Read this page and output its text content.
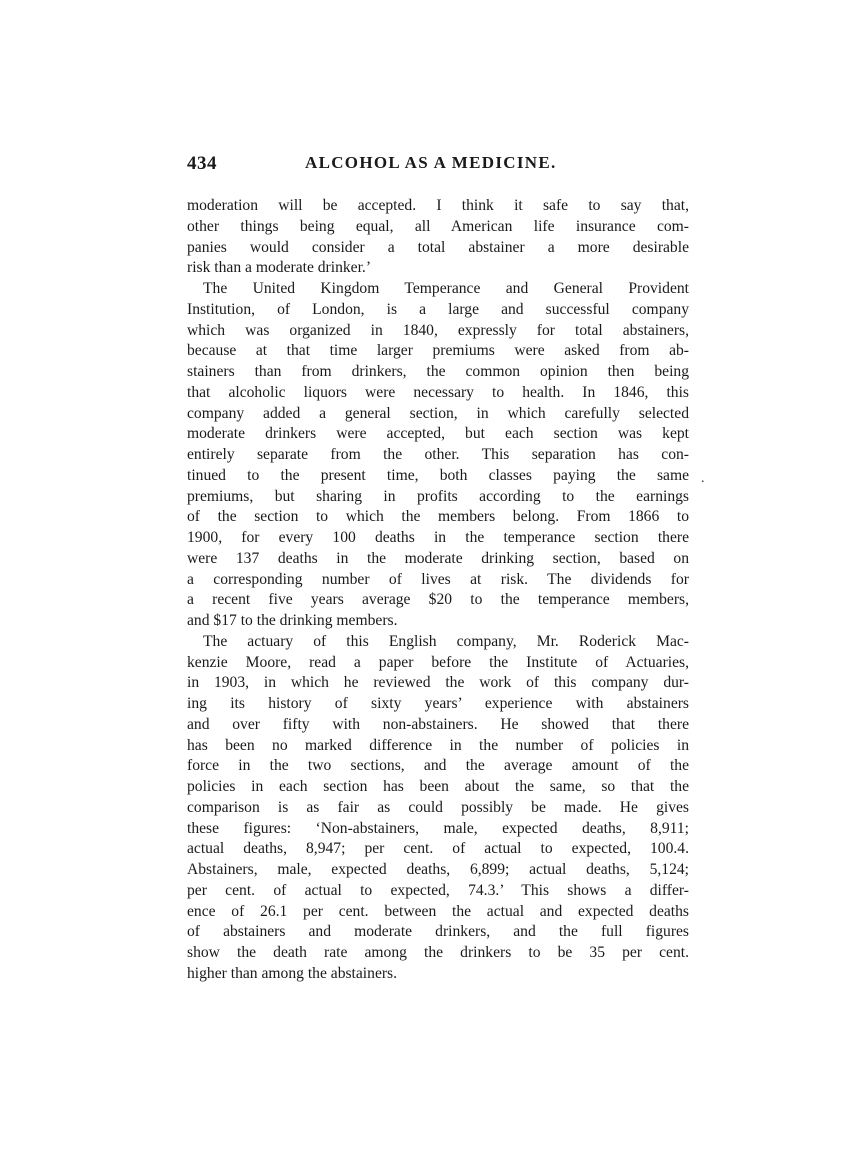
434	ALCOHOL AS A MEDICINE.
moderation will be accepted. I think it safe to say that,
other things being equal, all American life insurance com-
panies would consider a total abstainer a more desirable
risk than a moderate drinker.’
The United Kingdom Temperance and General Provident
Institution, of London, is a large and successful company
which was organized in 1840, expressly for total abstainers,
because at that time larger premiums were asked from ab-
stainers than from drinkers, the common opinion then being
that alcoholic liquors were necessary to health. In 1846, this
company added a general section, in which carefully selected
moderate drinkers were accepted, but each section was kept
entirely separate from the other. This separation has con-
tinued to the present time, both classes paying the same
premiums, but sharing in profits according to the earnings
of the section to which the members belong. From 1866 to
1900, for every 100 deaths in the temperance section there
were 137 deaths in the moderate drinking section, based on
a corresponding number of lives at risk. The dividends for
a recent five years average $20 to the temperance members,
and $17 to the drinking members.
The actuary of this English company, Mr. Roderick Mac-
kenzie Moore, read a paper before the Institute of Actuaries,
in 1903, in which he reviewed the work of this company dur-
ing its history of sixty years’ experience with abstainers
and over fifty with non-abstainers. He showed that there
has been no marked difference in the number of policies in
force in the two sections, and the average amount of the
policies in each section has been about the same, so that the
comparison is as fair as could possibly be made. He gives
these figures: ‘Non-abstainers, male, expected deaths, 8,911;
actual deaths, 8,947; per cent. of actual to expected, 100.4.
Abstainers, male, expected deaths, 6,899; actual deaths, 5,124;
per cent. of actual to expected, 74.3.’ This shows a differ-
ence of 26.1 per cent. between the actual and expected deaths
of abstainers and moderate drinkers, and the full figures
show the death rate among the drinkers to be 35 per cent.
higher than among the abstainers.
.
